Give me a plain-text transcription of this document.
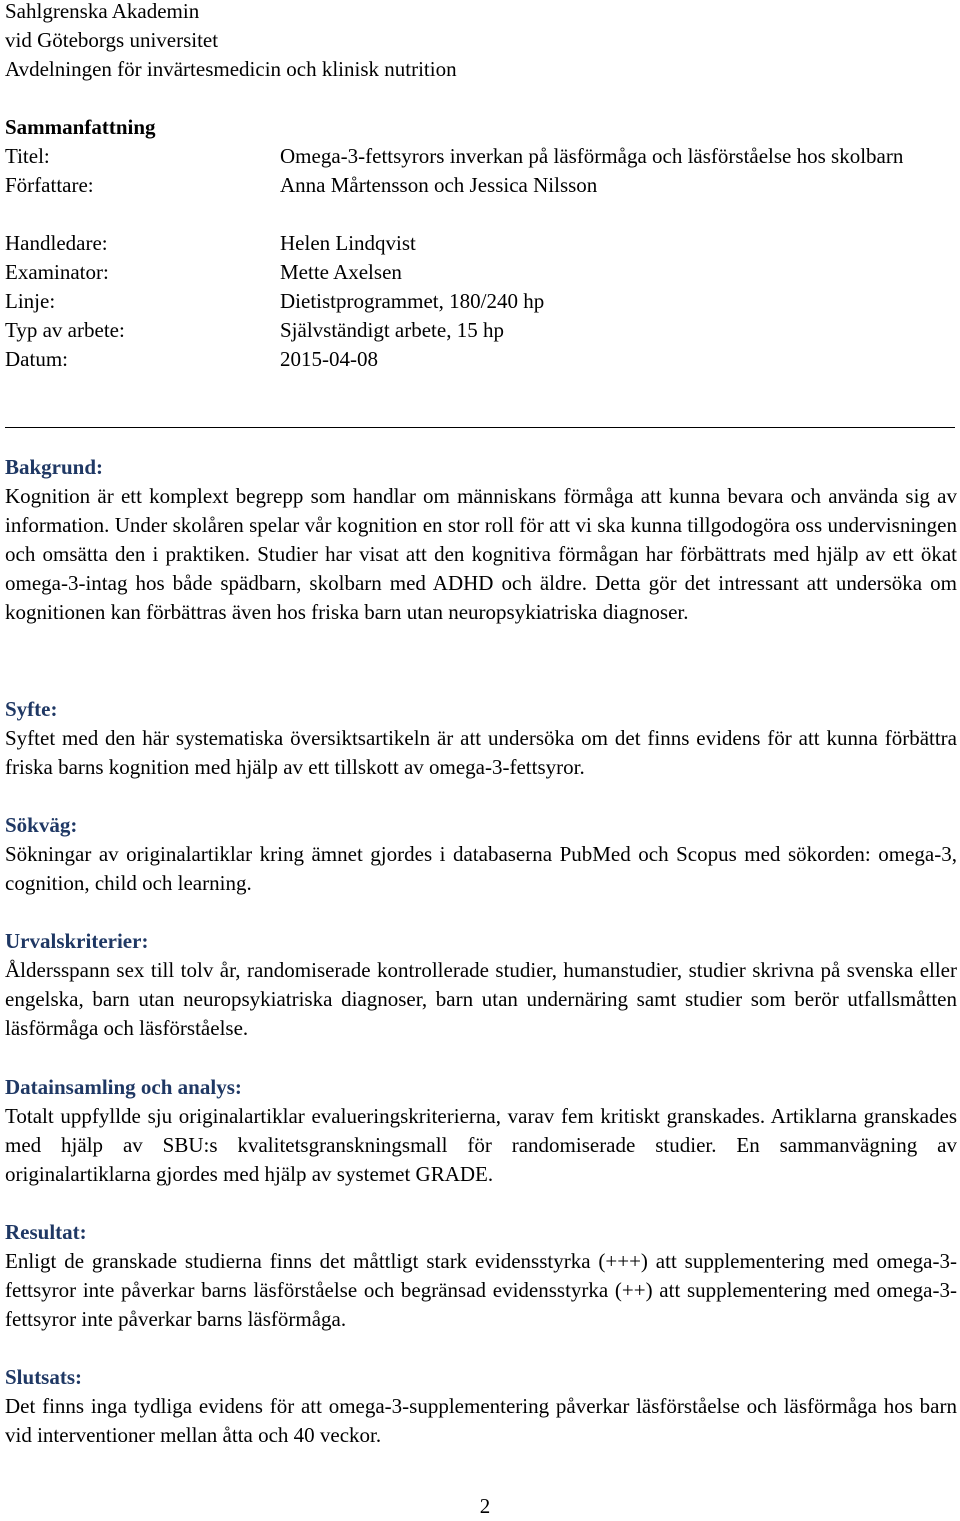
Sahlgrenska Akademin
vid Göteborgs universitet
Avdelningen för invärtesmedicin och klinisk nutrition
Sammanfattning
Titel:	Omega-3-fettsyrors inverkan på läsförmåga och läsförståelse hos skolbarn
Författare:	Anna Mårtensson och Jessica Nilsson
Handledare:	Helen Lindqvist
Examinator:	Mette Axelsen
Linje:	Dietistprogrammet, 180/240 hp
Typ av arbete:	Självständigt arbete, 15 hp
Datum:	2015-04-08
Bakgrund:

Kognition är ett komplext begrepp som handlar om människans förmåga att kunna bevara och använda sig av information. Under skolåren spelar vår kognition en stor roll för att vi ska kunna tillgodogöra oss undervisningen och omsätta den i praktiken. Studier har visat att den kognitiva förmågan har förbättrats med hjälp av ett ökat omega-3-intag hos både spädbarn, skolbarn med ADHD och äldre. Detta gör det intressant att undersöka om kognitionen kan förbättras även hos friska barn utan neuropsykiatriska diagnoser.

Syfte:

Syftet med den här systematiska översiktsartikeln är att undersöka om det finns evidens för att kunna förbättra friska barns kognition med hjälp av ett tillskott av omega-3-fettsyror.

Sökväg:

Sökningar av originalartiklar kring ämnet gjordes i databaserna PubMed och Scopus med sökorden: omega-3, cognition, child och learning.

Urvalskriterier:

Åldersspann sex till tolv år, randomiserade kontrollerade studier, humanstudier, studier skrivna på svenska eller engelska, barn utan neuropsykiatriska diagnoser, barn utan undernäring samt studier som berör utfallsmåtten läsförmåga och läsförståelse.

Datainsamling och analys:

Totalt uppfyllde sju originalartiklar evalueringskriterierna, varav fem kritiskt granskades. Artiklarna granskades med hjälp av SBU:s kvalitetsgranskningsmall för randomiserade studier. En sammanvägning av originalartiklarna gjordes med hjälp av systemet GRADE.

Resultat:

Enligt de granskade studierna finns det måttligt stark evidensstyrka (+++) att supplementering med omega-3-fettsyror inte påverkar barns läsförståelse och begränsad evidensstyrka (++) att supplementering med omega-3-fettsyror inte påverkar barns läsförmåga.

Slutsats:

Det finns inga tydliga evidens för att omega-3-supplementering påverkar läsförståelse och läsförmåga hos barn vid interventioner mellan åtta och 40 veckor.

2
